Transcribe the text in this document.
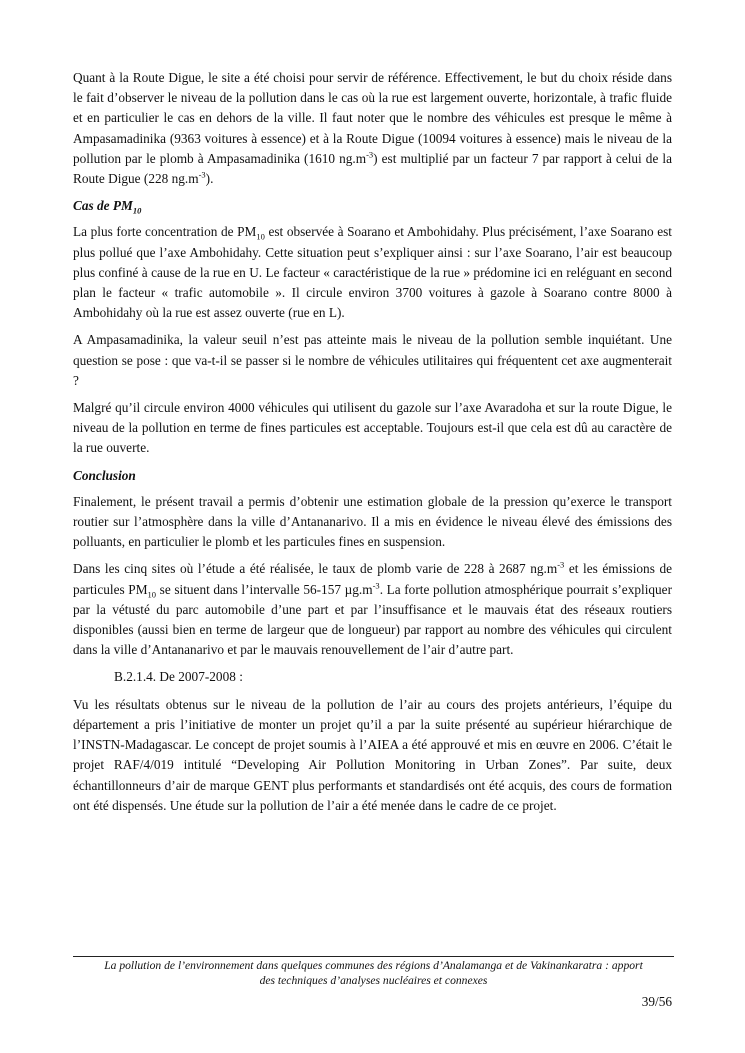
Quant à la Route Digue, le site a été choisi pour servir de référence. Effectivement, le but du choix réside dans le fait d’observer le niveau de la pollution dans le cas où la rue est largement ouverte, horizontale, à trafic fluide et en particulier le cas en dehors de la ville. Il faut noter que le nombre des véhicules est presque le même à Ampasamadinika (9363 voitures à essence) et à la Route Digue (10094 voitures à essence) mais le niveau de la pollution par le plomb à Ampasamadinika (1610 $ng.m^{-3}$) est multiplié par un facteur 7 par rapport à celui de la Route Digue (228 $ng.m^{-3}$).

Cas de $PM_{10}$

La plus forte concentration de $PM_{10}$ est observée à Soarano et Ambohidahy. Plus précisément, l’axe Soarano est plus pollué que l’axe Ambohidahy. Cette situation peut s’expliquer ainsi : sur l’axe Soarano, l’air est beaucoup plus confiné à cause de la rue en U. Le facteur « caractéristique de la rue » prédomine ici en reléguant en second plan le facteur « trafic automobile ». Il circule environ 3700 voitures à gazole à Soarano contre 8000 à Ambohidahy où la rue est assez ouverte (rue en L).

A Ampasamadinika, la valeur seuil n’est pas atteinte mais le niveau de la pollution semble inquiétant. Une question se pose : que va-t-il se passer si le nombre de véhicules utilitaires qui fréquentent cet axe augmenterait ?

Malgré qu’il circule environ 4000 véhicules qui utilisent du gazole sur l’axe Avaradoha et sur la route Digue, le niveau de la pollution en terme de fines particules est acceptable. Toujours est-il que cela est dû au caractère de la rue ouverte.

Conclusion

Finalement, le présent travail a permis d’obtenir une estimation globale de la pression qu’exerce le transport routier sur l’atmosphère dans la ville d’Antananarivo. Il a mis en évidence le niveau élevé des émissions des polluants, en particulier le plomb et les particules fines en suspension.

Dans les cinq sites où l’étude a été réalisée, le taux de plomb varie de 228 à 2687 $ng.m^{-3}$ et les émissions de particules $PM_{10}$ se situent dans l’intervalle 56-157 $\mu g.m^{-3}$. La forte pollution atmosphérique pourrait s’expliquer par la vétusté du parc automobile d’une part et par l’insuffisance et le mauvais état des réseaux routiers disponibles (aussi bien en terme de largeur que de longueur) par rapport au nombre des véhicules qui circulent dans la ville d’Antananarivo et par le mauvais renouvellement de l’air d’autre part.

B.2.1.4. De 2007-2008 :

Vu les résultats obtenus sur le niveau de la pollution de l’air au cours des projets antérieurs, l’équipe du département a pris l’initiative de monter un projet qu’il a par la suite présenté au supérieur hiérarchique de l’INSTN-Madagascar. Le concept de projet soumis à l’AIEA a été approuvé et mis en œuvre en 2006. C’était le projet RAF/4/019 intitulé “Developing Air Pollution Monitoring in Urban Zones”. Par suite, deux échantillonneurs d’air de marque GENT plus performants et standardisés ont été acquis, des cours de formation ont été dispensés. Une étude sur la pollution de l’air a été menée dans le cadre de ce projet.

La pollution de l’environnement dans quelques communes des régions d’Analamanga et de Vakinankaratra : apport
des techniques d’analyses nucléaires et connexes
39/56
